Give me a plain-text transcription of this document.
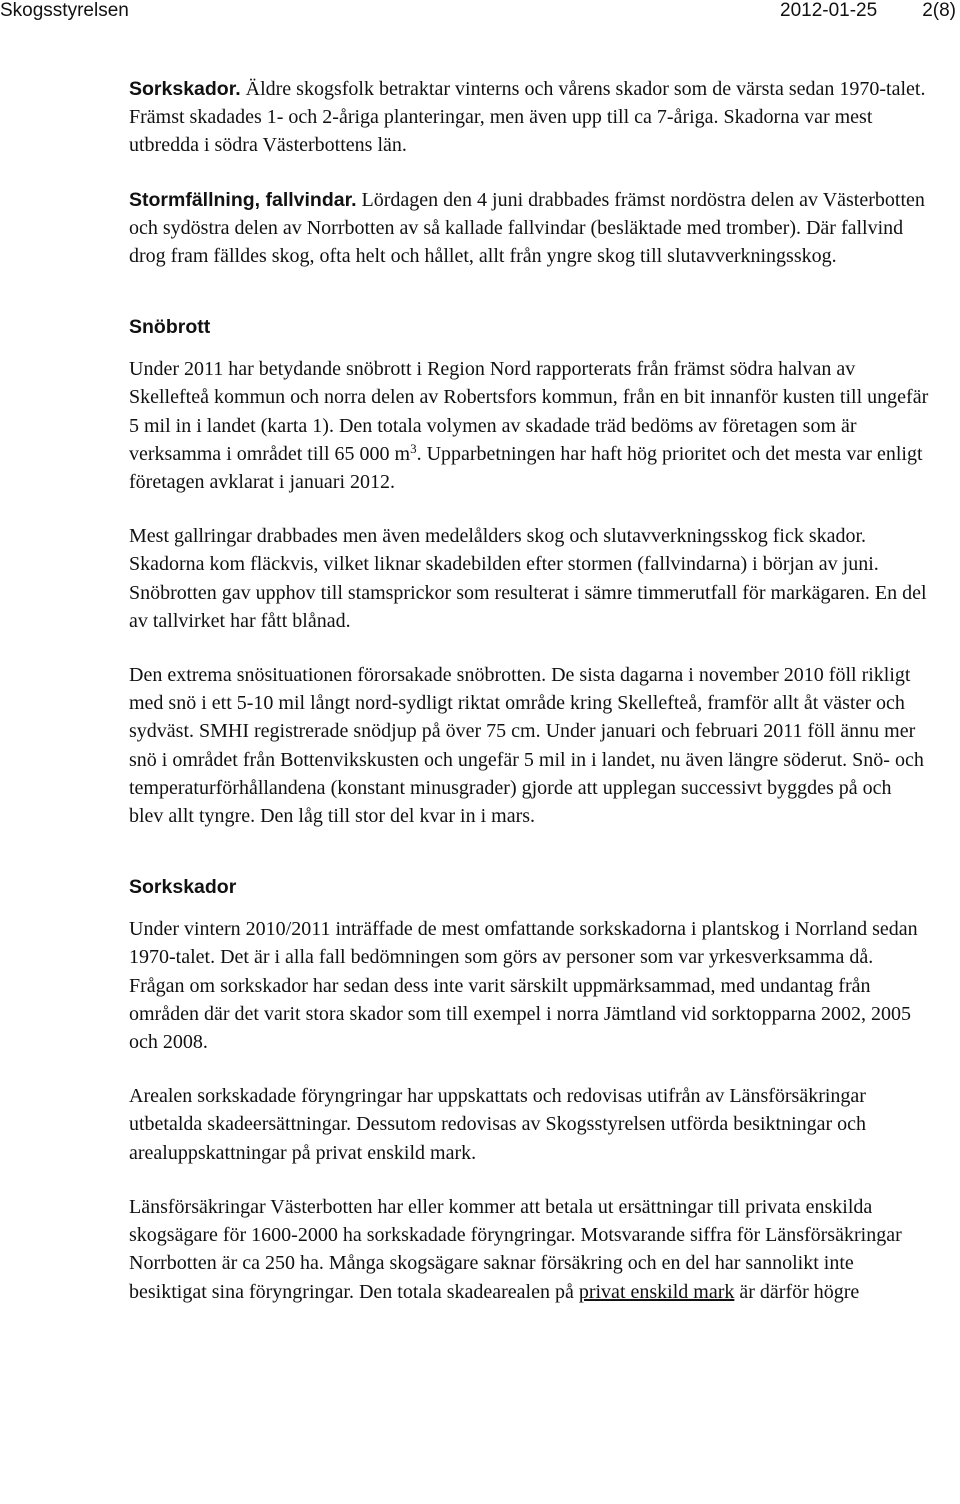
Skogsstyrelsen	2012-01-25 2(8)

Sorkskador. Äldre skogsfolk betraktar vinterns och vårens skador som de värsta sedan 1970-talet. Främst skadades 1- och 2-åriga planteringar, men även upp till ca 7-åriga. Skadorna var mest utbredda i södra Västerbottens län.

Stormfällning, fallvindar. Lördagen den 4 juni drabbades främst nordöstra delen av Västerbotten och sydöstra delen av Norrbotten av så kallade fallvindar (besläktade med tromber). Där fallvind drog fram fälldes skog, ofta helt och hållet, allt från yngre skog till slutavverkningsskog.

Snöbrott

Under 2011 har betydande snöbrott i Region Nord rapporterats från främst södra halvan av Skellefteå kommun och norra delen av Robertsfors kommun, från en bit innanför kusten till ungefär 5 mil in i landet (karta 1). Den totala volymen av skadade träd bedöms av företagen som är verksamma i området till 65 000 $m^3$. Upparbetningen har haft hög prioritet och det mesta var enligt företagen avklarat i januari 2012.

Mest gallringar drabbades men även medelålders skog och slutavverkningsskog fick skador. Skadorna kom fläckvis, vilket liknar skadebilden efter stormen (fallvindarna) i början av juni. Snöbrotten gav upphov till stamsprickor som resulterat i sämre timmerutfall för markägaren. En del av tallvirket har fått blånad.

Den extrema snösituationen förorsakade snöbrotten. De sista dagarna i november 2010 föll rikligt med snö i ett 5-10 mil långt nord-sydligt riktat område kring Skellefteå, framför allt åt väster och sydväst. SMHI registrerade snödjup på över 75 cm. Under januari och februari 2011 föll ännu mer snö i området från Bottenvikskusten och ungefär 5 mil in i landet, nu även längre söderut. Snö- och temperaturförhållandena (konstant minusgrader) gjorde att upplegan successivt byggdes på och blev allt tyngre. Den låg till stor del kvar in i mars.

Sorkskador

Under vintern 2010/2011 inträffade de mest omfattande sorkskadorna i plantskog i Norrland sedan 1970-talet. Det är i alla fall bedömningen som görs av personer som var yrkesverksamma då. Frågan om sorkskador har sedan dess inte varit särskilt uppmärksammad, med undantag från områden där det varit stora skador som till exempel i norra Jämtland vid sorktopparna 2002, 2005 och 2008.

Arealen sorkskadade föryngringar har uppskattats och redovisas utifrån av Länsförsäkringar utbetalda skadeersättningar. Dessutom redovisas av Skogsstyrelsen utförda besiktningar och arealuppskattningar på privat enskild mark.

Länsförsäkringar Västerbotten har eller kommer att betala ut ersättningar till privata enskilda skogsägare för 1600-2000 ha sorkskadade föryngringar. Motsvarande siffra för Länsförsäkringar Norrbotten är ca 250 ha. Många skogsägare saknar försäkring och en del har sannolikt inte besiktigat sina föryngringar. Den totala skadearealen på privat enskild mark är därför högre
